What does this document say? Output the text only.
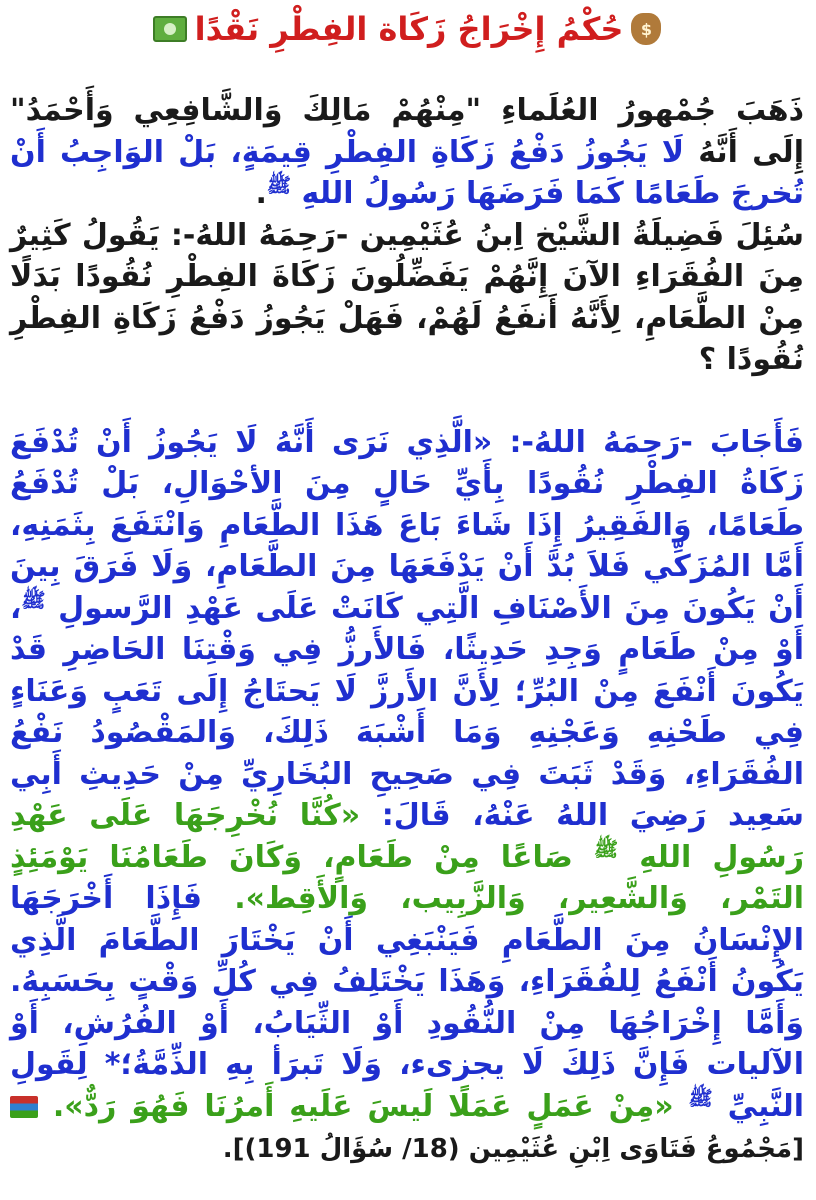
$
حُكْمُ إِخْرَاجُ زَكَاة الفِطْرِ نَقْدًا

ذَهَبَ جُمْهورُ العُلَماءِ "مِنْهُمْ مَالِكَ وَالشَّافِعِي وَأَحْمَدُ" إِلَى أَنَّهُ لَا يَجُوزُ دَفْعُ زَكَاةِ الفِطْرِ قِيمَةٍ، بَلْ الوَاجِبُ أَنْ تُخرجَ طَعَامًا كَمَا فَرَضَهَا رَسُولُ اللهِ $^ﷺ$.

سُئِلَ فَضِيلَةُ الشَّيْخ اِبنُ عُثَيْمِين -رَحِمَهُ اللهُ-: يَقُولُ كَثِيرٌ مِنَ الفُقَرَاءِ الآنَ إِنَّهُمْ يَفَضِّلُونَ زَكَاةَ الفِطْرِ نُقُودًا بَدَلًا مِنْ الطَّعَامِ، لِأَنَّهُ أَنفَعُ لَهُمْ، فَهَلْ يَجُوزُ دَفْعُ زَكَاةِ الفِطْرِ نُقُودًا ؟

فَأَجَابَ -رَحِمَهُ اللهُ-: «الَّذِي نَرَى أَنَّهُ لَا يَجُوزُ أَنْ تُدْفَعَ زَكَاةُ الفِطْرِ نُقُودًا بِأَيِّ حَالٍ مِنَ الأحْوَالِ، بَلْ تُدْفَعُ طَعَامًا، وَالفَقِيرُ إِذَا شَاءَ بَاعَ هَذَا الطَّعَامِ وَانْتَفَعَ بِثَمَنِهِ، أَمَّا المُزَكِّي فَلاَ بُدَّ أَنْ يَدْفَعَهَا مِنَ الطَّعَامِ، وَلَا فَرَقَ بِينَ أَنْ يَكُونَ مِنَ الأَصْنَافِ الَّتِي كَانَتْ عَلَى عَهْدِ الرَّسولِ $^ﷺ$، أَوْ مِنْ طَعَامٍ وَجِدِ حَدِيثًا، فَالأَرزُّ فِي وَقْتِنَا الحَاضِرِ قَدْ يَكُونَ أَنْفَعَ مِنْ البُرِّ؛ لِأَنَّ الأَرزَّ لَا يَحتَاجُ إِلَى تَعَبٍ وَعَنَاءٍ فِي طَحْنِهِ وَعَجْنِهِ وَمَا أَشْبَهَ ذَلِكَ، وَالمَقْصُودُ نَفْعُ الفُقَرَاءِ، وَقَدْ ثَبَتَ فِي صَحِيحِ البُخَارِيِّ مِنْ حَدِيثِ أَبِي سَعِيد رَضِيَ اللهُ عَنْهُ، قَالَ: «كُنَّا نُخْرِجَهَا عَلَى عَهْدِ رَسُولِ اللهِ $^ﷺ$ صَاعًا مِنْ طَعَامٍ، وَكَانَ طَعَامُنَا يَوْمَئِذٍ التَمْر، وَالشَّعِير، وَالزَّبِيب، وَالأَقِط». فَإِذَا أَخْرَجَهَا الإِنْسَانُ مِنَ الطَّعَامِ فَيَنْبَغِي أَنْ يَخْتَارَ الطَّعَامَ الَّذِي يَكُونُ أَنْفَعُ لِلفُقَرَاءِ، وَهَذَا يَخْتَلِفُ فِي كُلِّ وَقْتٍ بِحَسَبِهُ. وَأَمَّا إِخْرَاجُهَا مِنْ النُّقُودِ أَوْ الثِّيَابُ، أَوْ الفُرُشِ، أَوْ الآليات فَإِنَّ ذَلِكَ لَا يجزىء، وَلَا تَبرَأ بِهِ الذِّمَّةُ؛* لِقَولِ النَّبِيِّ $^ﷺ$ «مِنْ عَمَلٍ عَمَلًا لَيسَ عَلَيهِ أَمرُنَا فَهُوَ رَدٌّ».  [مَجْمُوعُ فَتَاوَى اِبْنِ عُثَيْمِين (18/ سُؤَالُ 191)].
